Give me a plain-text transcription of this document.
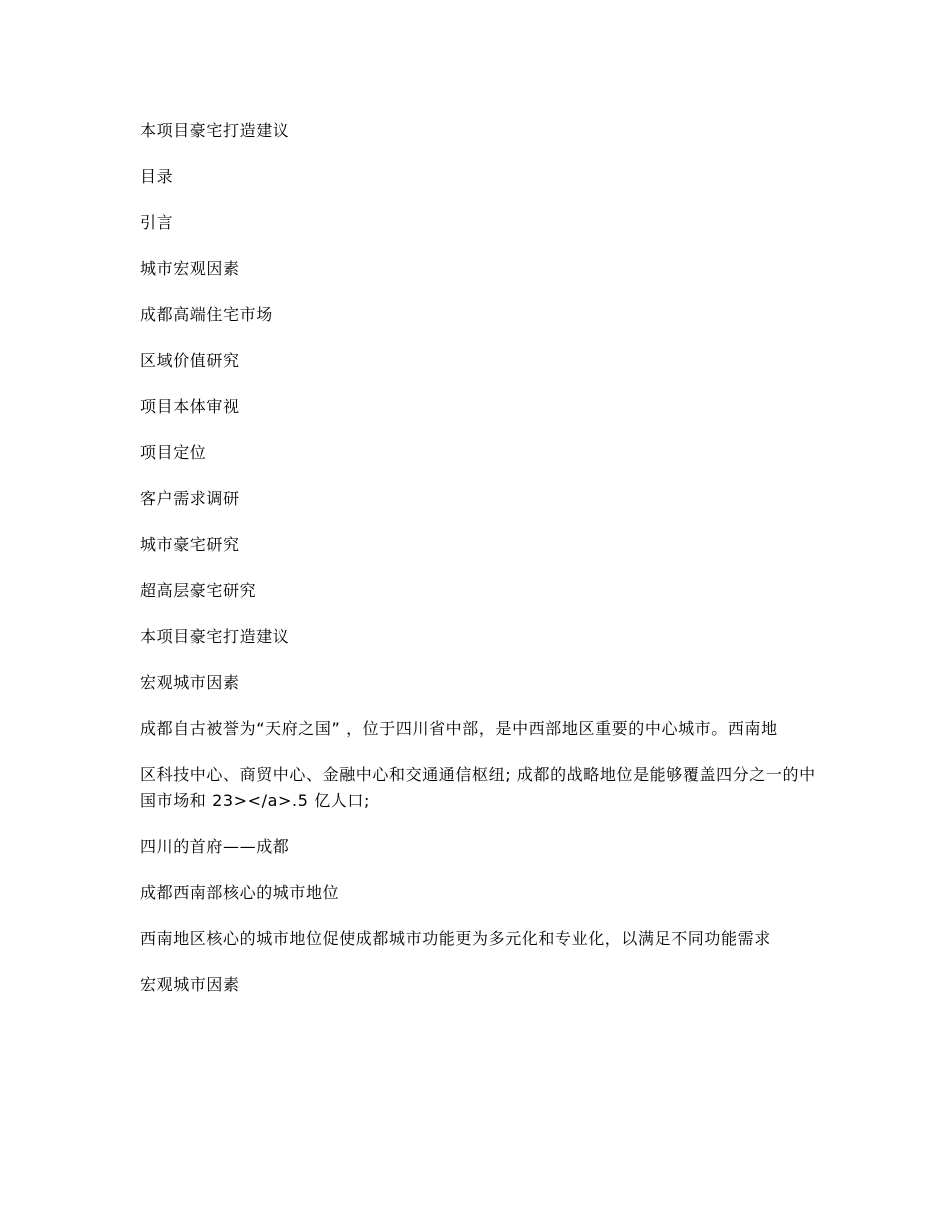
本项目豪宅打造建议

目录

引言

城市宏观因素

成都高端住宅市场

区域价值研究

项目本体审视

项目定位

客户需求调研

城市豪宅研究

超高层豪宅研究

本项目豪宅打造建议

宏观城市因素

成都自古被誉为“天府之国” ，位于四川省中部，是中西部地区重要的中心城市。西南地

区科技中心、商贸中心、金融中心和交通通信枢纽; 成都的战略地位是能够覆盖四分之一的中国市场和 23></a>.5 亿人口;

四川的首府——成都

成都西南部核心的城市地位

西南地区核心的城市地位促使成都城市功能更为多元化和专业化，以满足不同功能需求

宏观城市因素
